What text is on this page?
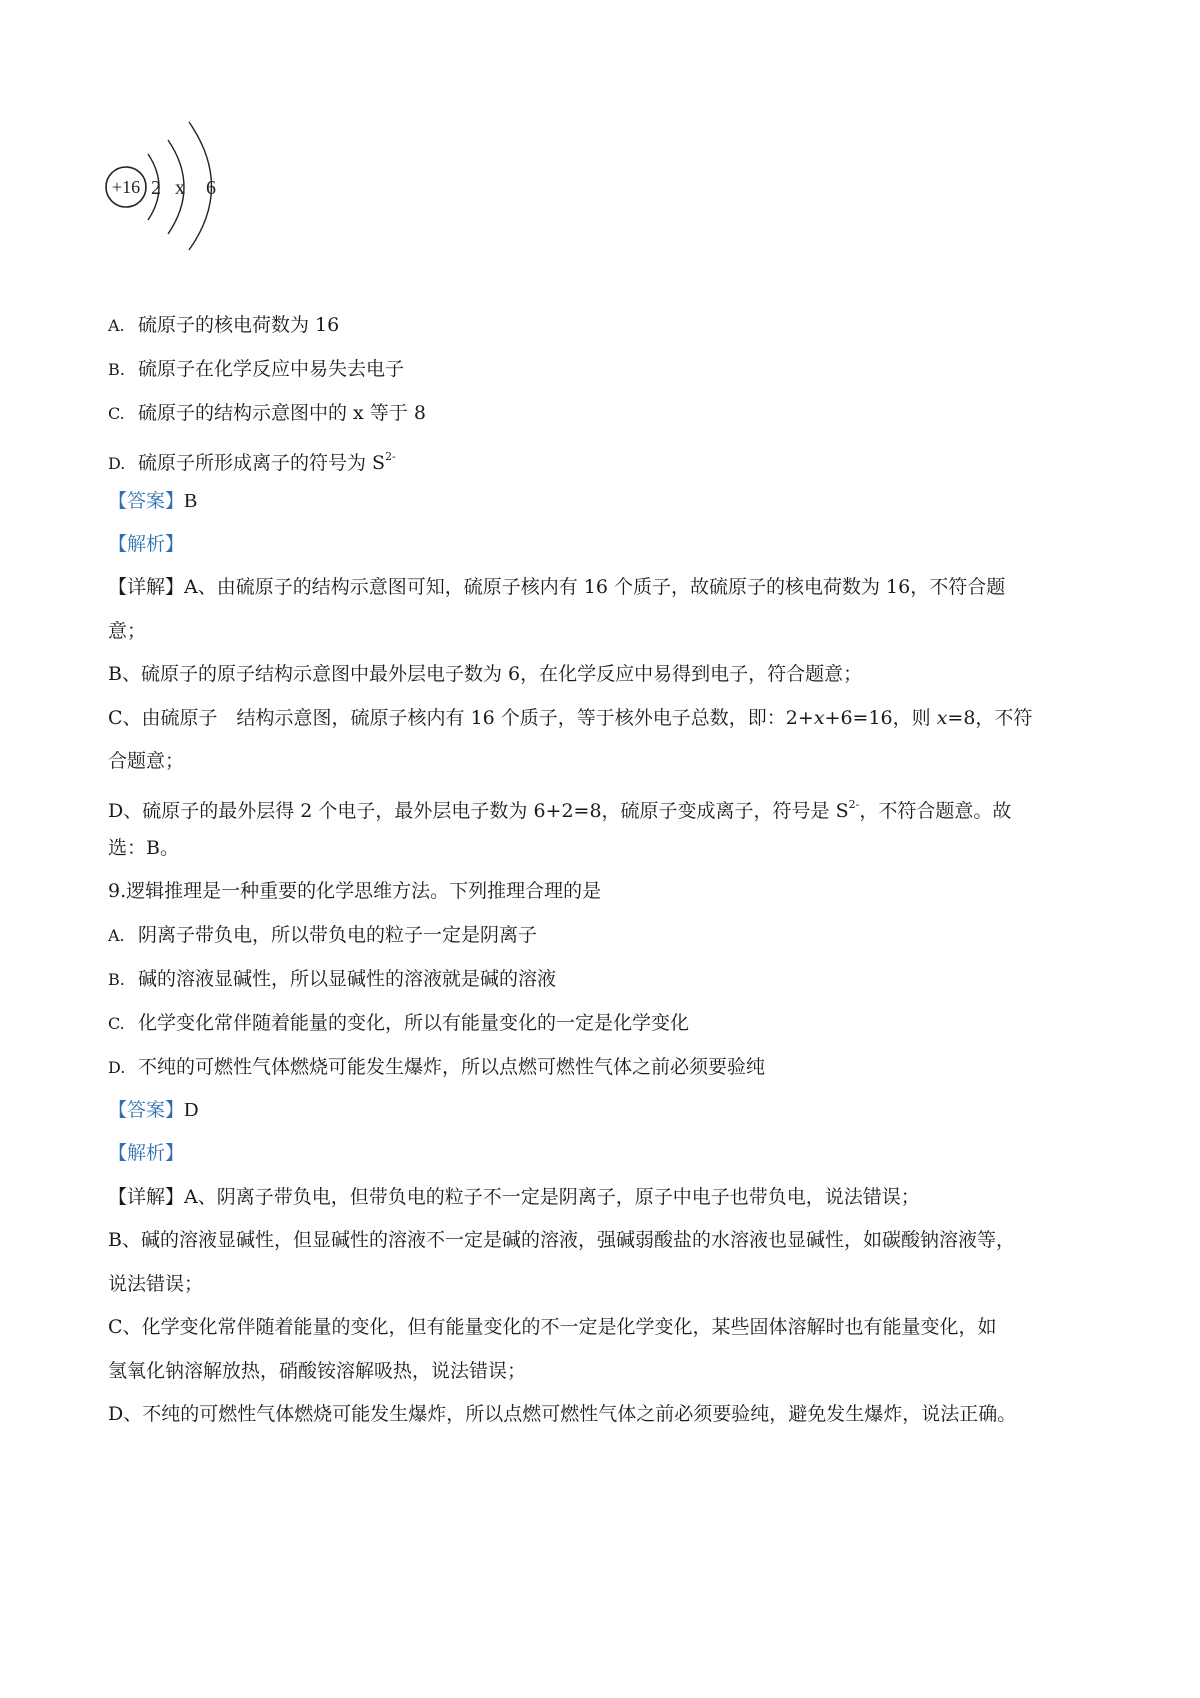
+16 2 x 6
A. 硫原子的核电荷数为 16
B. 硫原子在化学反应中易失去电子
C. 硫原子的结构示意图中的 x 等于 8
D. 硫原子所形成离子的符号为 $S^{2-}$
【答案】B
【解析】
【详解】A、由硫原子的结构示意图可知，硫原子核内有 16 个质子，故硫原子的核电荷数为 16，不符合题
意；
B、硫原子的原子结构示意图中最外层电子数为 6，在化学反应中易得到电子，符合题意；
C、由硫原子　结构示意图，硫原子核内有 16 个质子，等于核外电子总数，即：2+x+6=16，则 x=8，不符
合题意；
D、硫原子的最外层得 2 个电子，最外层电子数为 6+2=8，硫原子变成离子，符号是 $S^{2-}$，不符合题意。故
选：B。
9.逻辑推理是一种重要的化学思维方法。下列推理合理的是
A. 阴离子带负电，所以带负电的粒子一定是阴离子
B. 碱的溶液显碱性，所以显碱性的溶液就是碱的溶液
C. 化学变化常伴随着能量的变化，所以有能量变化的一定是化学变化
D. 不纯的可燃性气体燃烧可能发生爆炸，所以点燃可燃性气体之前必须要验纯
【答案】D
【解析】
【详解】A、阴离子带负电，但带负电的粒子不一定是阴离子，原子中电子也带负电，说法错误；
B、碱的溶液显碱性，但显碱性的溶液不一定是碱的溶液，强碱弱酸盐的水溶液也显碱性，如碳酸钠溶液等，
说法错误；
C、化学变化常伴随着能量的变化，但有能量变化的不一定是化学变化，某些固体溶解时也有能量变化，如
氢氧化钠溶解放热，硝酸铵溶解吸热，说法错误；
D、不纯的可燃性气体燃烧可能发生爆炸，所以点燃可燃性气体之前必须要验纯，避免发生爆炸，说法正确。
